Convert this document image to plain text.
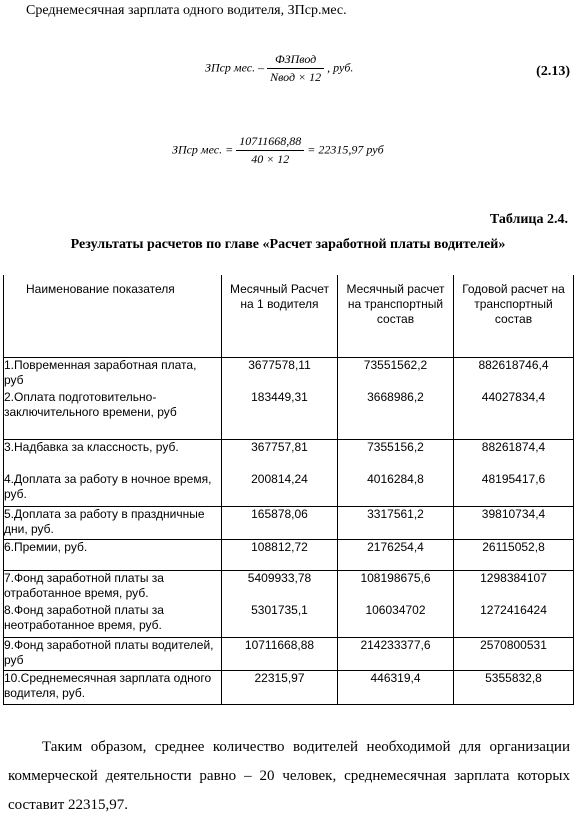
Среднемесячная зарплата одного водителя, ЗПср.мес.
ЗПср мес. – $\frac{\text{ФЗПвод}}{\text{Nвод × 12}}$ , руб.	(2.13)
ЗПср мес. = $\frac{10711668,88}{40 \times 12} = 22315,97$ руб
Таблица 2.4.
Результаты расчетов по главе «Расчет заработной платы водителей»
Наименование показателя	Месячный Расчет на 1 водителя	Месячный расчет на транспортный состав	Годовой расчет на транспортный состав

1.Повременная заработная плата, руб	3677578,11	73551562,2	882618746,4

2.Оплата подготовительно-заключительного времени, руб	183449,31	3668986,2	44027834,4

3.Надбавка за классность, руб.	367757,81	7355156,2	88261874,4

4.Доплата за работу в ночное время, руб.	200814,24	4016284,8	48195417,6

5.Доплата за работу в праздничные дни, руб.	165878,06	3317561,2	39810734,4

6.Премии, руб.	108812,72	2176254,4	26115052,8

7.Фонд заработной платы за отработанное время, руб.	5409933,78	108198675,6	1298384107

8.Фонд заработной платы за неотработанное время, руб.	5301735,1	106034702	1272416424

9.Фонд заработной платы водителей, руб	10711668,88	214233377,6	2570800531

10.Среднемесячная зарплата одного водителя, руб.	22315,97	446319,4	5355832,8
Таким образом, среднее количество водителей необходимой для организации коммерческой деятельности равно – 20 человек, среднемесячная зарплата которых составит 22315,97.
